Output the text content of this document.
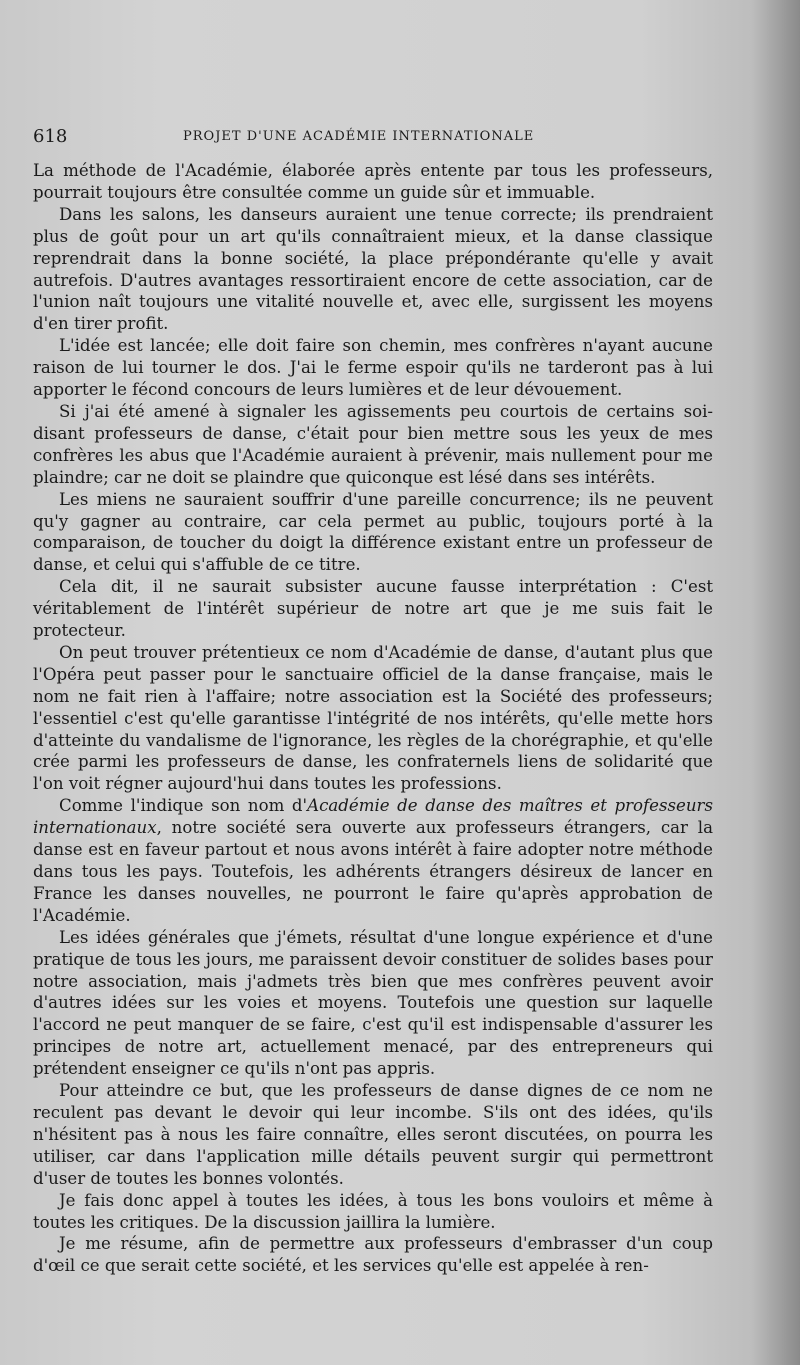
618	PROJET D'UNE ACADÉMIE INTERNATIONALE

La méthode de l'Académie, élaborée après entente par tous les professeurs, pourrait toujours être consultée comme un guide sûr et immuable.

Dans les salons, les danseurs auraient une tenue correcte; ils prendraient plus de goût pour un art qu'ils connaîtraient mieux, et la danse classique reprendrait dans la bonne société, la place prépondérante qu'elle y avait autrefois. D'autres avantages ressortiraient encore de cette association, car de l'union naît toujours une vitalité nouvelle et, avec elle, surgissent les moyens d'en tirer profit.

L'idée est lancée; elle doit faire son chemin, mes confrères n'ayant aucune raison de lui tourner le dos. J'ai le ferme espoir qu'ils ne tarderont pas à lui apporter le fécond concours de leurs lumières et de leur dévouement.

Si j'ai été amené à signaler les agissements peu courtois de certains soi-disant professeurs de danse, c'était pour bien mettre sous les yeux de mes confrères les abus que l'Académie auraient à prévenir, mais nullement pour me plaindre; car ne doit se plaindre que quiconque est lésé dans ses intérêts.

Les miens ne sauraient souffrir d'une pareille concurrence; ils ne peuvent qu'y gagner au contraire, car cela permet au public, toujours porté à la comparaison, de toucher du doigt la différence existant entre un professeur de danse, et celui qui s'affuble de ce titre.

Cela dit, il ne saurait subsister aucune fausse interprétation : C'est véritablement de l'intérêt supérieur de notre art que je me suis fait le protecteur.

On peut trouver prétentieux ce nom d'Académie de danse, d'autant plus que l'Opéra peut passer pour le sanctuaire officiel de la danse française, mais le nom ne fait rien à l'affaire; notre association est la Société des professeurs; l'essentiel c'est qu'elle garantisse l'intégrité de nos intérêts, qu'elle mette hors d'atteinte du vandalisme de l'ignorance, les règles de la chorégraphie, et qu'elle crée parmi les professeurs de danse, les confraternels liens de solidarité que l'on voit régner aujourd'hui dans toutes les professions.

Comme l'indique son nom d'Académie de danse des maîtres et professeurs internationaux, notre société sera ouverte aux professeurs étrangers, car la danse est en faveur partout et nous avons intérêt à faire adopter notre méthode dans tous les pays. Toutefois, les adhérents étrangers désireux de lancer en France les danses nouvelles, ne pourront le faire qu'après approbation de l'Académie.

Les idées générales que j'émets, résultat d'une longue expérience et d'une pratique de tous les jours, me paraissent devoir constituer de solides bases pour notre association, mais j'admets très bien que mes confrères peuvent avoir d'autres idées sur les voies et moyens. Toutefois une question sur laquelle l'accord ne peut manquer de se faire, c'est qu'il est indispensable d'assurer les principes de notre art, actuellement menacé, par des entrepreneurs qui prétendent enseigner ce qu'ils n'ont pas appris.

Pour atteindre ce but, que les professeurs de danse dignes de ce nom ne reculent pas devant le devoir qui leur incombe. S'ils ont des idées, qu'ils n'hésitent pas à nous les faire connaître, elles seront discutées, on pourra les utiliser, car dans l'application mille détails peuvent surgir qui permettront d'user de toutes les bonnes volontés.

Je fais donc appel à toutes les idées, à tous les bons vouloirs et même à toutes les critiques. De la discussion jaillira la lumière.

Je me résume, afin de permettre aux professeurs d'embrasser d'un coup d'œil ce que serait cette société, et les services qu'elle est appelée à ren-
